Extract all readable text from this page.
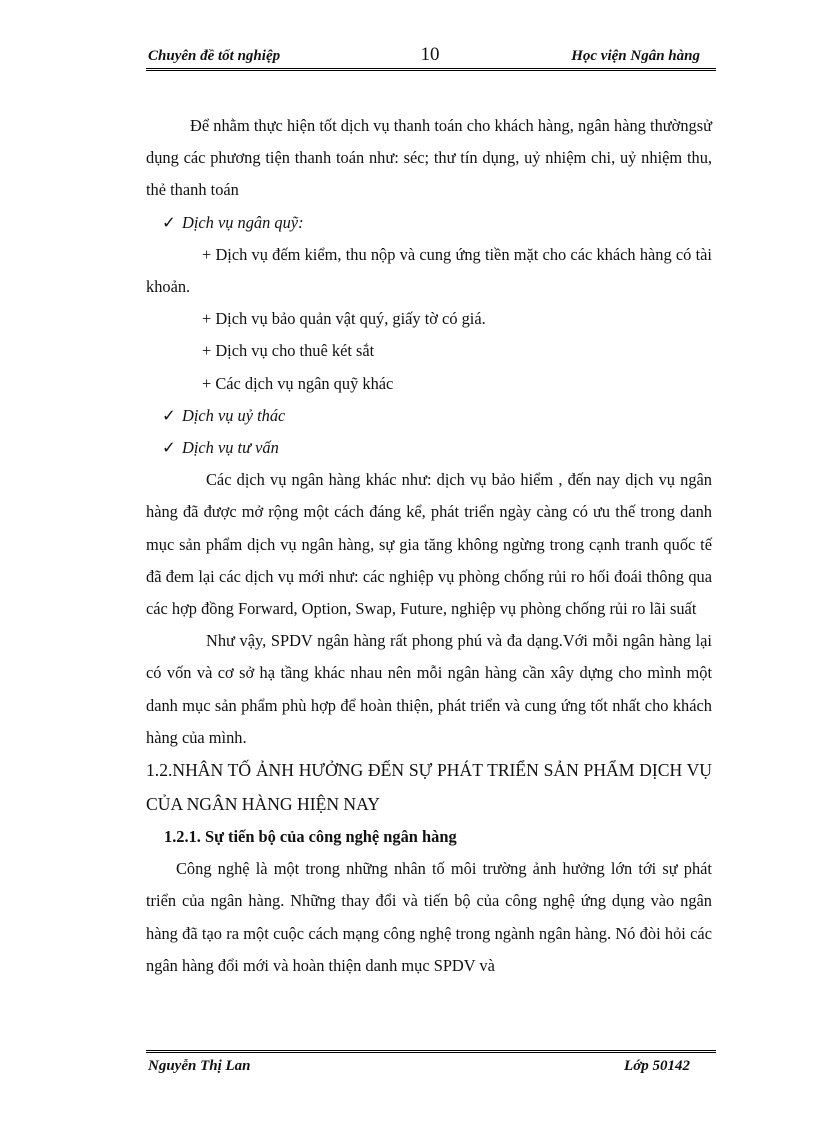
Chuyên đề tốt nghiệp	10	Học viện Ngân hàng

Để nhằm thực hiện tốt dịch vụ thanh toán cho khách hàng, ngân hàng thườngsử dụng các phương tiện thanh toán như: séc; thư tín dụng, uỷ nhiệm chi, uỷ nhiệm thu, thẻ thanh toán

✓ Dịch vụ ngân quỹ:

+ Dịch vụ đếm kiểm, thu nộp và cung ứng tiền mặt cho các khách hàng có tài khoản.

+ Dịch vụ bảo quản vật quý, giấy tờ có giá.

+ Dịch vụ cho thuê két sắt

+ Các dịch vụ ngân quỹ khác

✓ Dịch vụ uỷ thác

✓ Dịch vụ tư vấn

Các dịch vụ ngân hàng khác như: dịch vụ bảo hiểm , đến nay dịch vụ ngân hàng đã được mở rộng một cách đáng kể, phát triển ngày càng có ưu thế trong danh mục sản phẩm dịch vụ ngân hàng, sự gia tăng không ngừng trong cạnh tranh quốc tế đã đem lại các dịch vụ mới như: các nghiệp vụ phòng chống rủi ro hối đoái thông qua các hợp đồng Forward, Option, Swap, Future, nghiệp vụ phòng chống rủi ro lãi suất

Như vậy, SPDV ngân hàng rất phong phú và đa dạng.Với mỗi ngân hàng lại có vốn và cơ sở hạ tầng khác nhau nên mỗi ngân hàng cần xây dựng cho mình một danh mục sản phẩm phù hợp để hoàn thiện, phát triển và cung ứng tốt nhất cho khách hàng của mình.

1.2.NHÂN TỐ ẢNH HƯỞNG ĐẾN SỰ PHÁT TRIỂN SẢN PHẨM DỊCH VỤ CỦA NGÂN HÀNG HIỆN NAY

1.2.1. Sự tiến bộ của công nghệ ngân hàng

Công nghệ là một trong những nhân tố môi trường ảnh hưởng lớn tới sự phát triển của ngân hàng. Những thay đổi và tiến bộ của công nghệ ứng dụng vào ngân hàng đã tạo ra một cuộc cách mạng công nghệ trong ngành ngân hàng. Nó đòi hỏi các ngân hàng đổi mới và hoàn thiện danh mục SPDV và

Nguyễn Thị Lan	Lớp 50142
